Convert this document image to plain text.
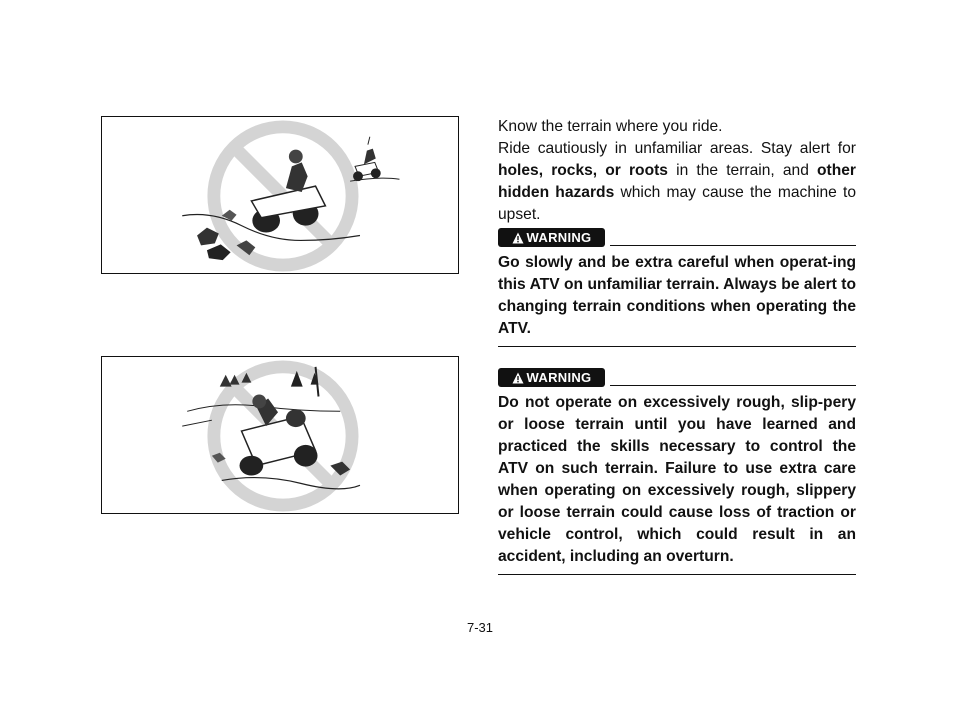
Know the terrain where you ride.

Ride cautiously in unfamiliar areas. Stay alert for holes, rocks, or roots in the terrain, and other hidden hazards which may cause the machine to upset.

WARNING

Go slowly and be extra careful when operat-ing this ATV on unfamiliar terrain. Always be alert to changing terrain conditions when operating the ATV.

WARNING

Do not operate on excessively rough, slip-pery or loose terrain until you have learned and practiced the skills necessary to control the ATV on such terrain. Failure to use extra care when operating on excessively rough, slippery or loose terrain could cause loss of traction or vehicle control, which could result in an accident, including an overturn.

7-31
